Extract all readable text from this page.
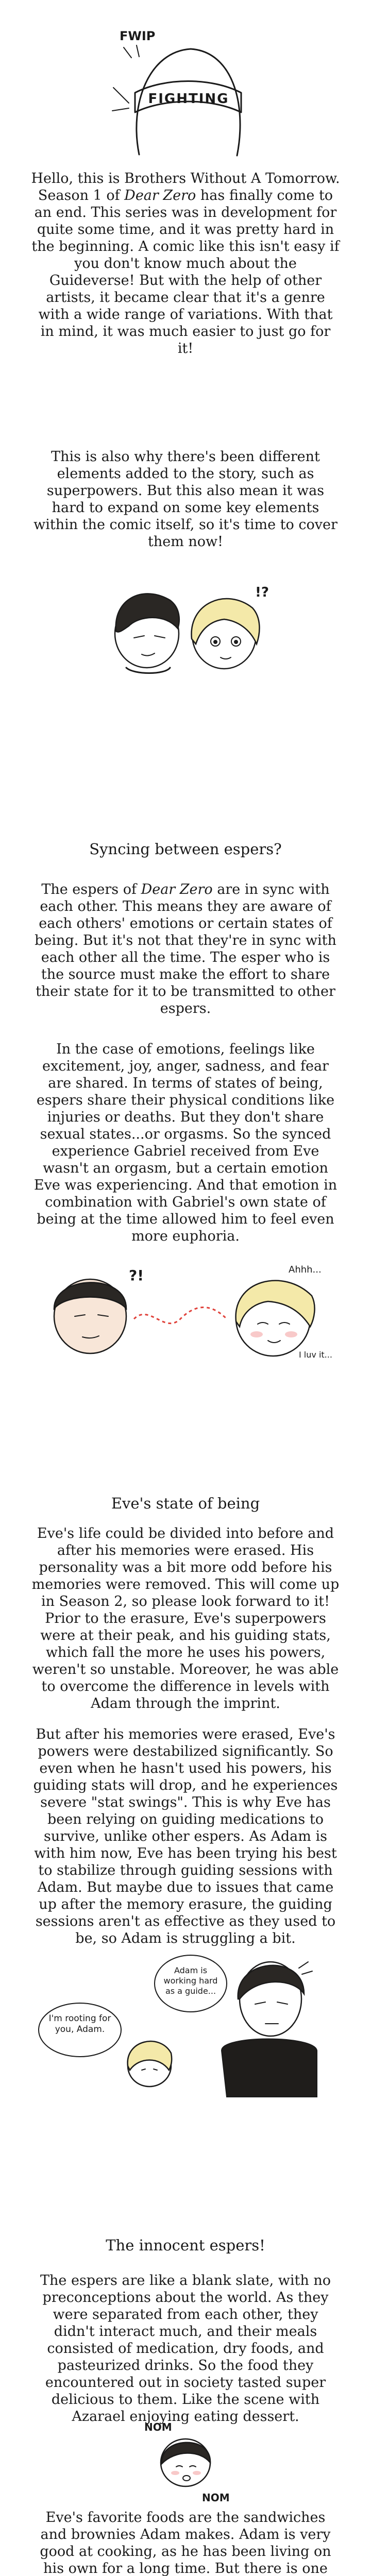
FIGHTING
FWIP

Hello, this is Brothers Without A Tomorrow. Season 1 of Dear Zero has finally come to an end. This series was in development for quite some time, and it was pretty hard in the beginning. A comic like this isn't easy if you don't know much about the Guideverse! But with the help of other artists, it became clear that it's a genre with a wide range of variations. With that in mind, it was much easier to just go for it!

This is also why there's been different elements added to the story, such as superpowers. But this also mean it was hard to expand on some key elements within the comic itself, so it's time to cover them now!

!?
Syncing between espers?

The espers of Dear Zero are in sync with each other. This means they are aware of each others' emotions or certain states of being. But it's not that they're in sync with each other all the time. The esper who is the source must make the effort to share their state for it to be transmitted to other espers.

In the case of emotions, feelings like excitement, joy, anger, sadness, and fear are shared. In terms of states of being, espers share their physical conditions like injuries or deaths. But they don't share sexual states...or orgasms. So the synced experience Gabriel received from Eve wasn't an orgasm, but a certain emotion Eve was experiencing. And that emotion in combination with Gabriel's own state of being at the time allowed him to feel even more euphoria.

?!	Ahhh...
I luv it...
Eve's state of being

Eve's life could be divided into before and after his memories were erased. His personality was a bit more odd before his memories were removed. This will come up in Season 2, so please look forward to it!
Prior to the erasure, Eve's superpowers were at their peak, and his guiding stats, which fall the more he uses his powers, weren't so unstable. Moreover, he was able to overcome the difference in levels with Adam through the imprint.

But after his memories were erased, Eve's powers were destabilized significantly. So even when he hasn't used his powers, his guiding stats will drop, and he experiences severe "stat swings". This is why Eve has been relying on guiding medications to survive, unlike other espers. As Adam is with him now, Eve has been trying his best to stabilize through guiding sessions with Adam. But maybe due to issues that came up after the memory erasure, the guiding sessions aren't as effective as they used to be, so Adam is struggling a bit.

I'm rooting for you, Adam.
Adam is working hard as a guide...
The innocent espers!

The espers are like a blank slate, with no preconceptions about the world. As they were separated from each other, they didn't interact much, and their meals consisted of medication, dry foods, and pasteurized drinks. So the food they encountered out in society tasted super delicious to them. Like the scene with Azarael enjoying eating dessert.

NOM
NOM

Eve's favorite foods are the sandwiches and brownies Adam makes. Adam is very good at cooking, as he has been living on his own for a long time. But there is one
